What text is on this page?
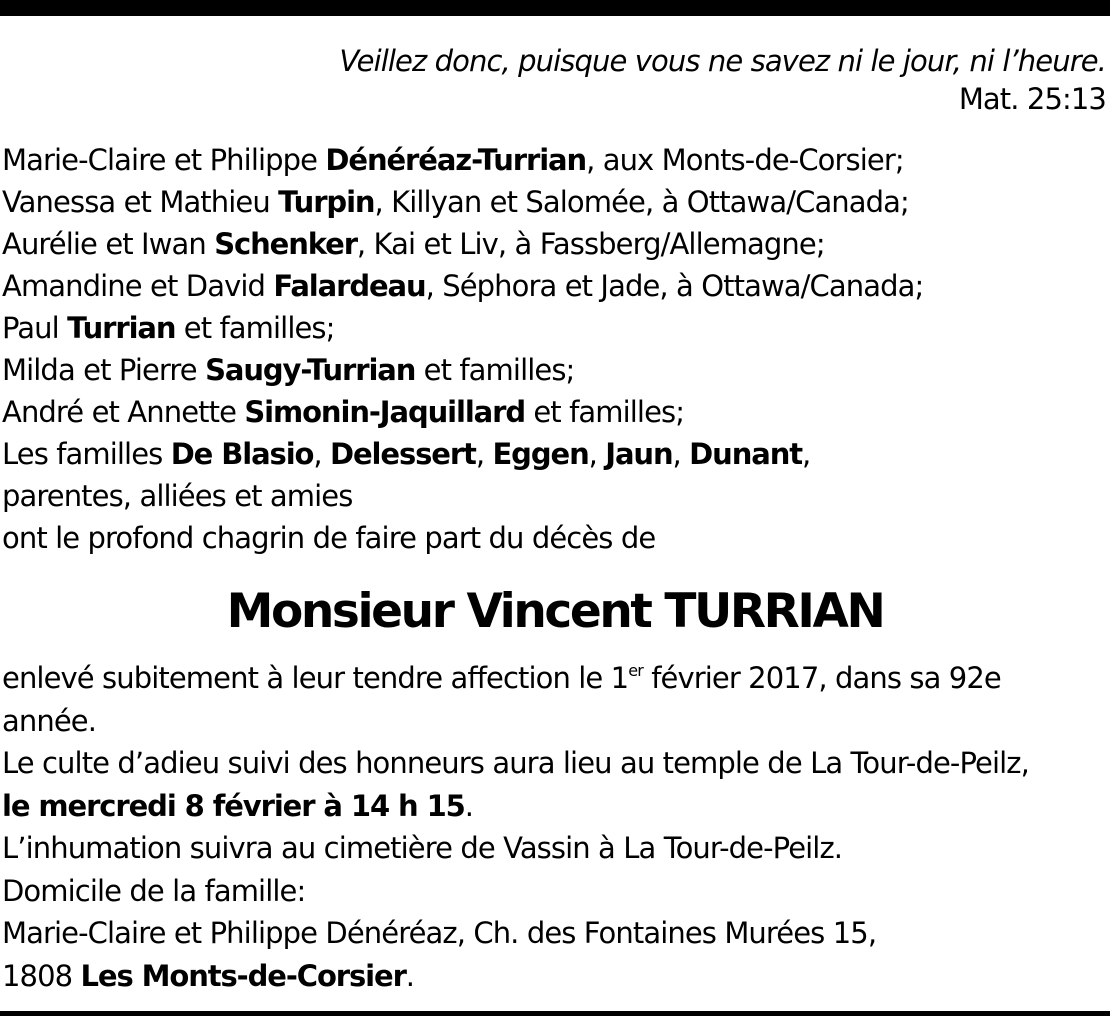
Veillez donc, puisque vous ne savez ni le jour, ni l’heure.
Mat. 25:13
Marie-Claire et Philippe Dénéréaz-Turrian, aux Monts-de-Corsier;
Vanessa et Mathieu Turpin, Killyan et Salomée, à Ottawa/Canada;
Aurélie et Iwan Schenker, Kai et Liv, à Fassberg/Allemagne;
Amandine et David Falardeau, Séphora et Jade, à Ottawa/Canada;
Paul Turrian et familles;
Milda et Pierre Saugy-Turrian et familles;
André et Annette Simonin-Jaquillard et familles;
Les familles De Blasio, Delessert, Eggen, Jaun, Dunant,
parentes, alliées et amies
ont le profond chagrin de faire part du décès de
Monsieur Vincent TURRIAN
enlevé subitement à leur tendre affection le 1er février 2017, dans sa 92e
année.
Le culte d’adieu suivi des honneurs aura lieu au temple de La Tour-de-Peilz,
le mercredi 8 février à 14 h 15.
L’inhumation suivra au cimetière de Vassin à La Tour-de-Peilz.
Domicile de la famille:
Marie-Claire et Philippe Dénéréaz, Ch. des Fontaines Murées 15,
1808 Les Monts-de-Corsier.
